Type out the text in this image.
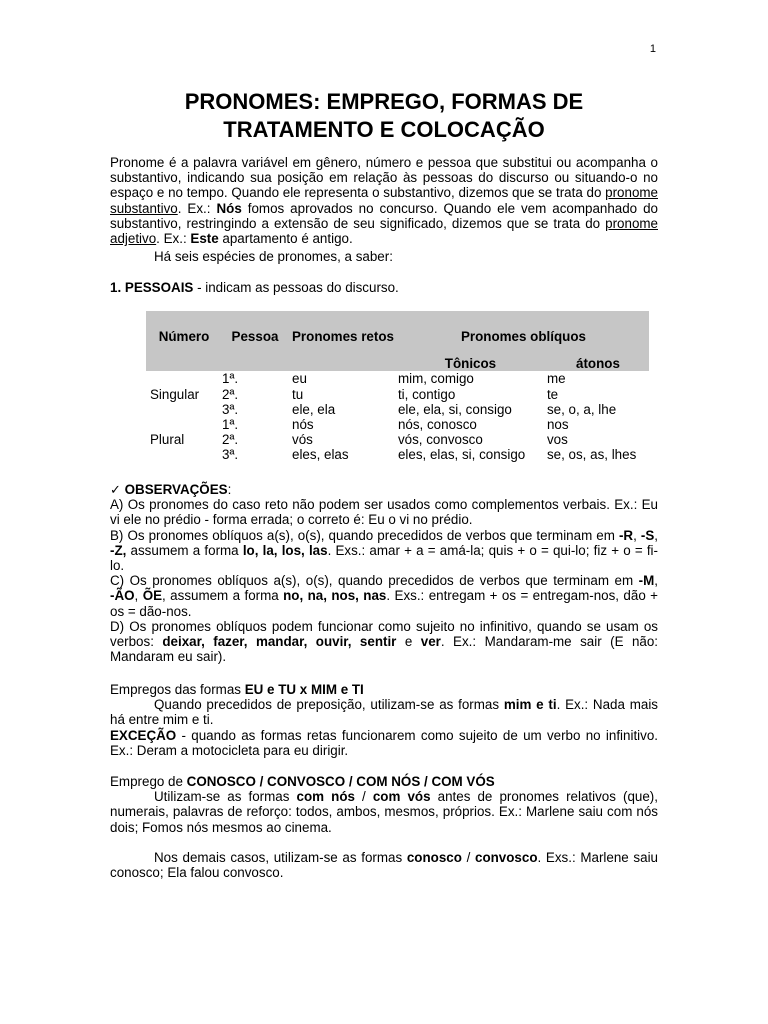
1
PRONOMES: EMPREGO, FORMAS DE TRATAMENTO E COLOCAÇÃO
Pronome é a palavra variável em gênero, número e pessoa que substitui ou acompanha o substantivo, indicando sua posição em relação às pessoas do discurso ou situando-o no espaço e no tempo. Quando ele representa o substantivo, dizemos que se trata do pronome substantivo. Ex.: Nós fomos aprovados no concurso. Quando ele vem acompanhado do substantivo, restringindo a extensão de seu significado, dizemos que se trata do pronome adjetivo. Ex.: Este apartamento é antigo.
Há seis espécies de pronomes, a saber:
1. PESSOAIS - indicam as pessoas do discurso.
Número	Pessoa	Pronomes retos	Pronomes oblíquos	
			Tônicos	átonos
Singular	1ª.	eu	mim, comigo	me
	2ª.	tu	ti, contigo	te
	3ª.	ele, ela	ele, ela, si, consigo	se, o, a, lhe
Plural	1ª.	nós	nós, conosco	nos
	2ª.	vós	vós, convosco	vos
	3ª.	eles, elas	eles, elas, si, consigo	se, os, as, lhes
✓ OBSERVAÇÕES:
A) Os pronomes do caso reto não podem ser usados como complementos verbais. Ex.: Eu vi ele no prédio - forma errada; o correto é: Eu o vi no prédio.
B) Os pronomes oblíquos a(s), o(s), quando precedidos de verbos que terminam em -R, -S, -Z, assumem a forma lo, la, los, las. Exs.: amar + a = amá-la; quis + o = qui-lo; fiz + o = fi-lo.
C) Os pronomes oblíquos a(s), o(s), quando precedidos de verbos que terminam em -M, -ÃO, ÕE, assumem a forma no, na, nos, nas. Exs.: entregam + os = entregam-nos, dão + os = dão-nos.
D) Os pronomes oblíquos podem funcionar como sujeito no infinitivo, quando se usam os verbos: deixar, fazer, mandar, ouvir, sentir e ver. Ex.: Mandaram-me sair (E não: Mandaram eu sair).
Empregos das formas EU e TU x MIM e TI
Quando precedidos de preposição, utilizam-se as formas mim e ti. Ex.: Nada mais há entre mim e ti.
EXCEÇÃO - quando as formas retas funcionarem como sujeito de um verbo no infinitivo. Ex.: Deram a motocicleta para eu dirigir.
Emprego de CONOSCO / CONVOSCO / COM NÓS / COM VÓS
Utilizam-se as formas com nós / com vós antes de pronomes relativos (que), numerais, palavras de reforço: todos, ambos, mesmos, próprios. Ex.: Marlene saiu com nós dois; Fomos nós mesmos ao cinema.
Nos demais casos, utilizam-se as formas conosco / convosco. Exs.: Marlene saiu conosco; Ela falou convosco.
